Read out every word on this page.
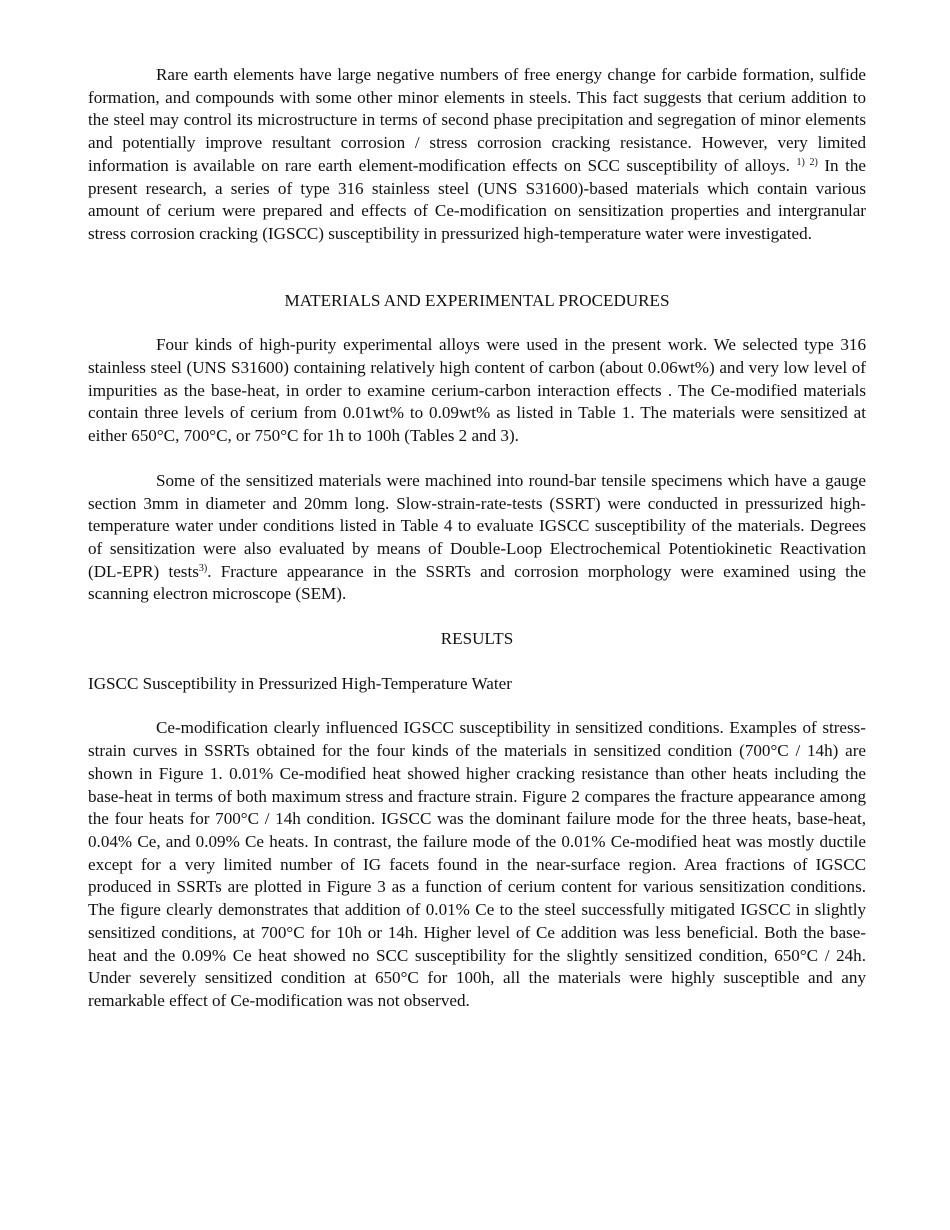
Rare earth elements have large negative numbers of free energy change for carbide formation, sulfide formation, and compounds with some other minor elements in steels. This fact suggests that cerium addition to the steel may control its microstructure in terms of second phase precipitation and segregation of minor elements and potentially improve resultant corrosion / stress corrosion cracking resistance. However, very limited information is available on rare earth element-modification effects on SCC susceptibility of alloys. $^{1) 2)}$ In the present research, a series of type 316 stainless steel (UNS S31600)-based materials which contain various amount of cerium were prepared and effects of Ce-modification on sensitization properties and intergranular stress corrosion cracking (IGSCC) susceptibility in pressurized high-temperature water were investigated.

MATERIALS AND EXPERIMENTAL PROCEDURES

Four kinds of high-purity experimental alloys were used in the present work. We selected type 316 stainless steel (UNS S31600) containing relatively high content of carbon (about 0.06wt%) and very low level of impurities as the base-heat, in order to examine cerium-carbon interaction effects . The Ce-modified materials contain three levels of cerium from 0.01wt% to 0.09wt% as listed in Table 1. The materials were sensitized at either 650°C, 700°C, or 750°C for 1h to 100h (Tables 2 and 3).

Some of the sensitized materials were machined into round-bar tensile specimens which have a gauge section 3mm in diameter and 20mm long. Slow-strain-rate-tests (SSRT) were conducted in pressurized high-temperature water under conditions listed in Table 4 to evaluate IGSCC susceptibility of the materials. Degrees of sensitization were also evaluated by means of Double-Loop Electrochemical Potentiokinetic Reactivation (DL-EPR) tests$^{3)}$. Fracture appearance in the SSRTs and corrosion morphology were examined using the scanning electron microscope (SEM).

RESULTS
IGSCC Susceptibility in Pressurized High-Temperature Water

Ce-modification clearly influenced IGSCC susceptibility in sensitized conditions. Examples of stress-strain curves in SSRTs obtained for the four kinds of the materials in sensitized condition (700°C / 14h) are shown in Figure 1. 0.01% Ce-modified heat showed higher cracking resistance than other heats including the base-heat in terms of both maximum stress and fracture strain. Figure 2 compares the fracture appearance among the four heats for 700°C / 14h condition. IGSCC was the dominant failure mode for the three heats, base-heat, 0.04% Ce, and 0.09% Ce heats. In contrast, the failure mode of the 0.01% Ce-modified heat was mostly ductile except for a very limited number of IG facets found in the near-surface region. Area fractions of IGSCC produced in SSRTs are plotted in Figure 3 as a function of cerium content for various sensitization conditions. The figure clearly demonstrates that addition of 0.01% Ce to the steel successfully mitigated IGSCC in slightly sensitized conditions, at 700°C for 10h or 14h. Higher level of Ce addition was less beneficial. Both the base-heat and the 0.09% Ce heat showed no SCC susceptibility for the slightly sensitized condition, 650°C / 24h. Under severely sensitized condition at 650°C for 100h, all the materials were highly susceptible and any remarkable effect of Ce-modification was not observed.
